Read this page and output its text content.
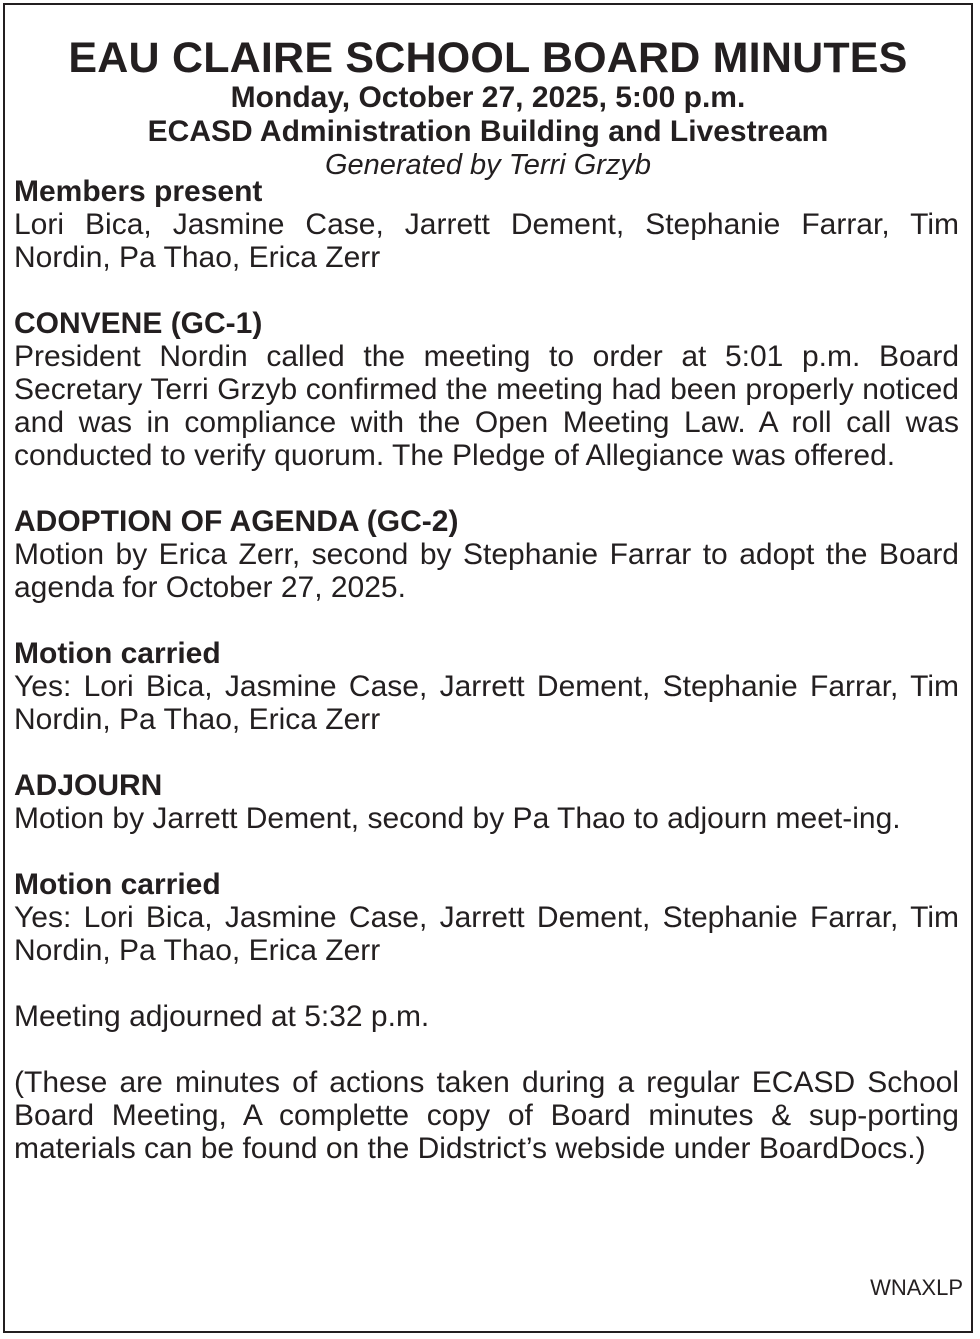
EAU CLAIRE SCHOOL BOARD MINUTES
Monday, October 27, 2025, 5:00 p.m.
ECASD Administration Building and Livestream
Generated by Terri Grzyb

Members present

Lori Bica, Jasmine Case, Jarrett Dement, Stephanie Farrar, Tim Nordin, Pa Thao, Erica Zerr

CONVENE (GC-1)

President Nordin called the meeting to order at 5:01 p.m. Board Secretary Terri Grzyb confirmed the meeting had been properly noticed and was in compliance with the Open Meeting Law. A roll call was conducted to verify quorum. The Pledge of Allegiance was offered.

ADOPTION OF AGENDA (GC-2)

Motion by Erica Zerr, second by Stephanie Farrar to adopt the Board agenda for October 27, 2025.

Motion carried

Yes: Lori Bica, Jasmine Case, Jarrett Dement, Stephanie Farrar, Tim Nordin, Pa Thao, Erica Zerr

ADJOURN

Motion by Jarrett Dement, second by Pa Thao to adjourn meet-ing.

Motion carried

Yes: Lori Bica, Jasmine Case, Jarrett Dement, Stephanie Farrar, Tim Nordin, Pa Thao, Erica Zerr

Meeting adjourned at 5:32 p.m.

(These are minutes of actions taken during a regular ECASD School Board Meeting, A complette copy of Board minutes & sup-porting materials can be found on the Didstrict’s webside under BoardDocs.)

WNAXLP
